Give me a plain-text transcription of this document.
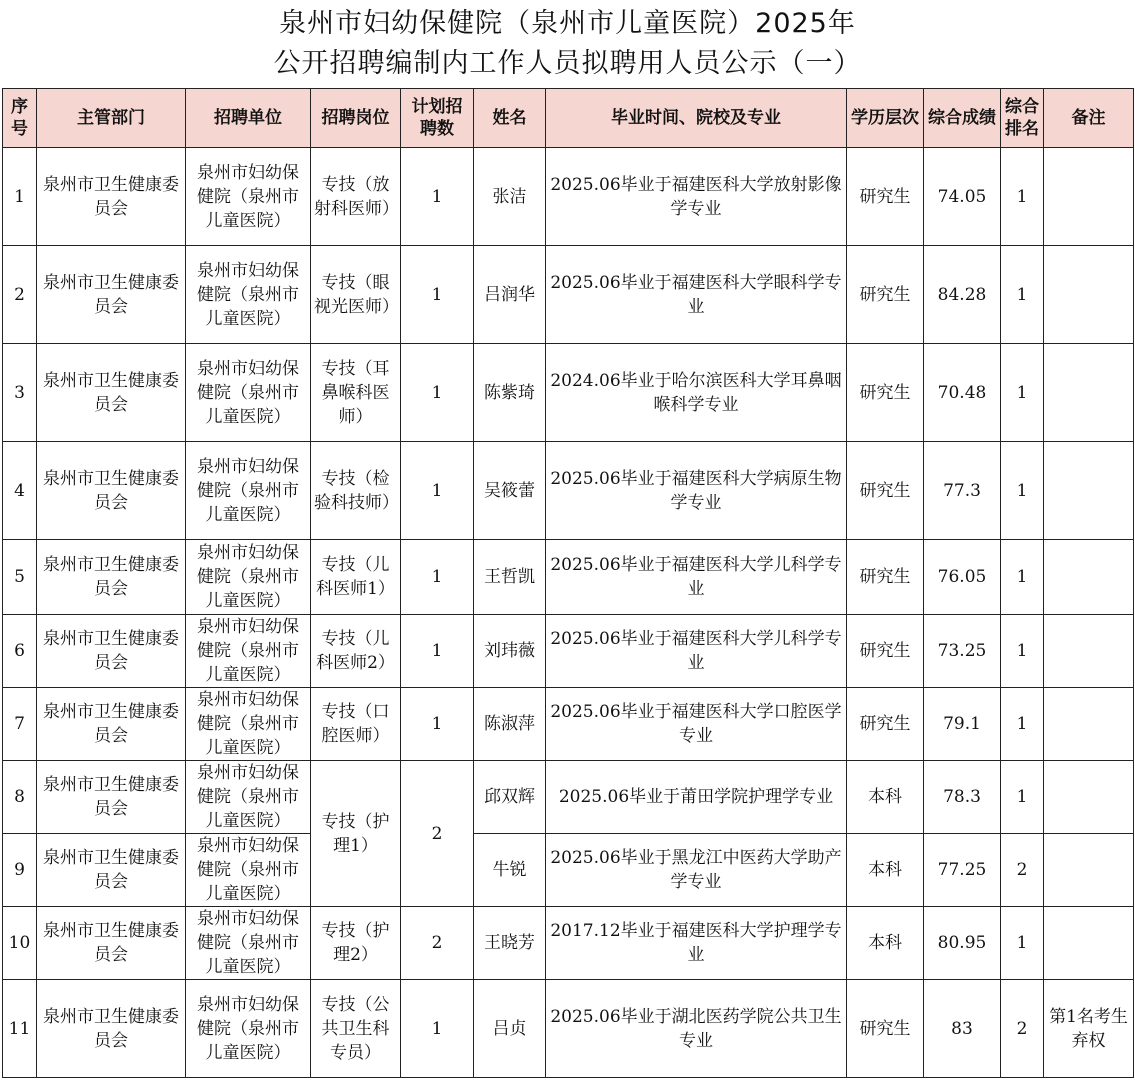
泉州市妇幼保健院（泉州市儿童医院）2025年
公开招聘编制内工作人员拟聘用人员公示（一）
序号	主管部门	招聘单位	招聘岗位	计划招聘数	姓名	毕业时间、院校及专业	学历层次	综合成绩	综合排名	备注
1	泉州市卫生健康委员会	泉州市妇幼保健院（泉州市儿童医院）	专技（放射科医师）	1	张洁	2025.06毕业于福建医科大学放射影像学专业	研究生	74.05	1	
2	泉州市卫生健康委员会	泉州市妇幼保健院（泉州市儿童医院）	专技（眼视光医师）	1	吕润华	2025.06毕业于福建医科大学眼科学专业	研究生	84.28	1	
3	泉州市卫生健康委员会	泉州市妇幼保健院（泉州市儿童医院）	专技（耳鼻喉科医师）	1	陈紫琦	2024.06毕业于哈尔滨医科大学耳鼻咽喉科学专业	研究生	70.48	1	
4	泉州市卫生健康委员会	泉州市妇幼保健院（泉州市儿童医院）	专技（检验科技师）	1	吴筱蕾	2025.06毕业于福建医科大学病原生物学专业	研究生	77.3	1	
5	泉州市卫生健康委员会	泉州市妇幼保健院（泉州市儿童医院）	专技（儿科医师1）	1	王哲凯	2025.06毕业于福建医科大学儿科学专业	研究生	76.05	1	
6	泉州市卫生健康委员会	泉州市妇幼保健院（泉州市儿童医院）	专技（儿科医师2）	1	刘玮薇	2025.06毕业于福建医科大学儿科学专业	研究生	73.25	1	
7	泉州市卫生健康委员会	泉州市妇幼保健院（泉州市儿童医院）	专技（口腔医师）	1	陈淑萍	2025.06毕业于福建医科大学口腔医学专业	研究生	79.1	1	
8	泉州市卫生健康委员会	泉州市妇幼保健院（泉州市儿童医院）	专技（护理1）	2	邱双辉	2025.06毕业于莆田学院护理学专业	本科	78.3	1	
9	泉州市卫生健康委员会	泉州市妇幼保健院（泉州市儿童医院）			牛锐	2025.06毕业于黑龙江中医药大学助产学专业	本科	77.25	2	
10	泉州市卫生健康委员会	泉州市妇幼保健院（泉州市儿童医院）	专技（护理2）	2	王晓芳	2017.12毕业于福建医科大学护理学专业	本科	80.95	1	
11	泉州市卫生健康委员会	泉州市妇幼保健院（泉州市儿童医院）	专技（公共卫生科专员）	1	吕贞	2025.06毕业于湖北医药学院公共卫生专业	研究生	83	2	第1名考生弃权
